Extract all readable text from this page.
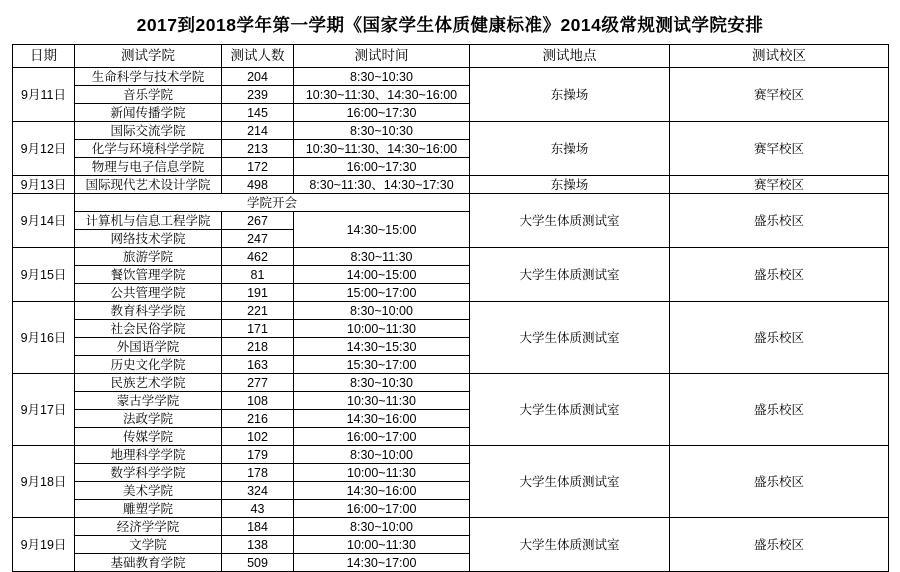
2017到2018学年第一学期《国家学生体质健康标准》2014级常规测试学院安排
日期	测试学院	测试人数	测试时间	测试地点	测试校区
9月11日	生命科学与技术学院	204	8:30~10:30	东操场	赛罕校区
	音乐学院	239	10:30~11:30、14:30~16:00		
	新闻传播学院	145	16:00~17:30		
9月12日	国际交流学院	214	8:30~10:30	东操场	赛罕校区
	化学与环境科学学院	213	10:30~11:30、14:30~16:00		
	物理与电子信息学院	172	16:00~17:30		
9月13日	国际现代艺术设计学院	498	8:30~11:30、14:30~17:30	东操场	赛罕校区
9月14日	学院开会			大学生体质测试室	盛乐校区
	计算机与信息工程学院	267	14:30~15:00		
	网络技术学院	247			
9月15日	旅游学院	462	8:30~11:30	大学生体质测试室	盛乐校区
	餐饮管理学院	81	14:00~15:00		
	公共管理学院	191	15:00~17:00		
9月16日	教育科学学院	221	8:30~10:00	大学生体质测试室	盛乐校区
	社会民俗学院	171	10:00~11:30		
	外国语学院	218	14:30~15:30		
	历史文化学院	163	15:30~17:00		
9月17日	民族艺术学院	277	8:30~10:30	大学生体质测试室	盛乐校区
	蒙古学学院	108	10:30~11:30		
	法政学院	216	14:30~16:00		
	传媒学院	102	16:00~17:00		
9月18日	地理科学学院	179	8:30~10:00	大学生体质测试室	盛乐校区
	数学科学学院	178	10:00~11:30		
	美术学院	324	14:30~16:00		
	雕塑学院	43	16:00~17:00		
9月19日	经济学学院	184	8:30~10:00	大学生体质测试室	盛乐校区
	文学院	138	10:00~11:30		
	基础教育学院	509	14:30~17:00		
